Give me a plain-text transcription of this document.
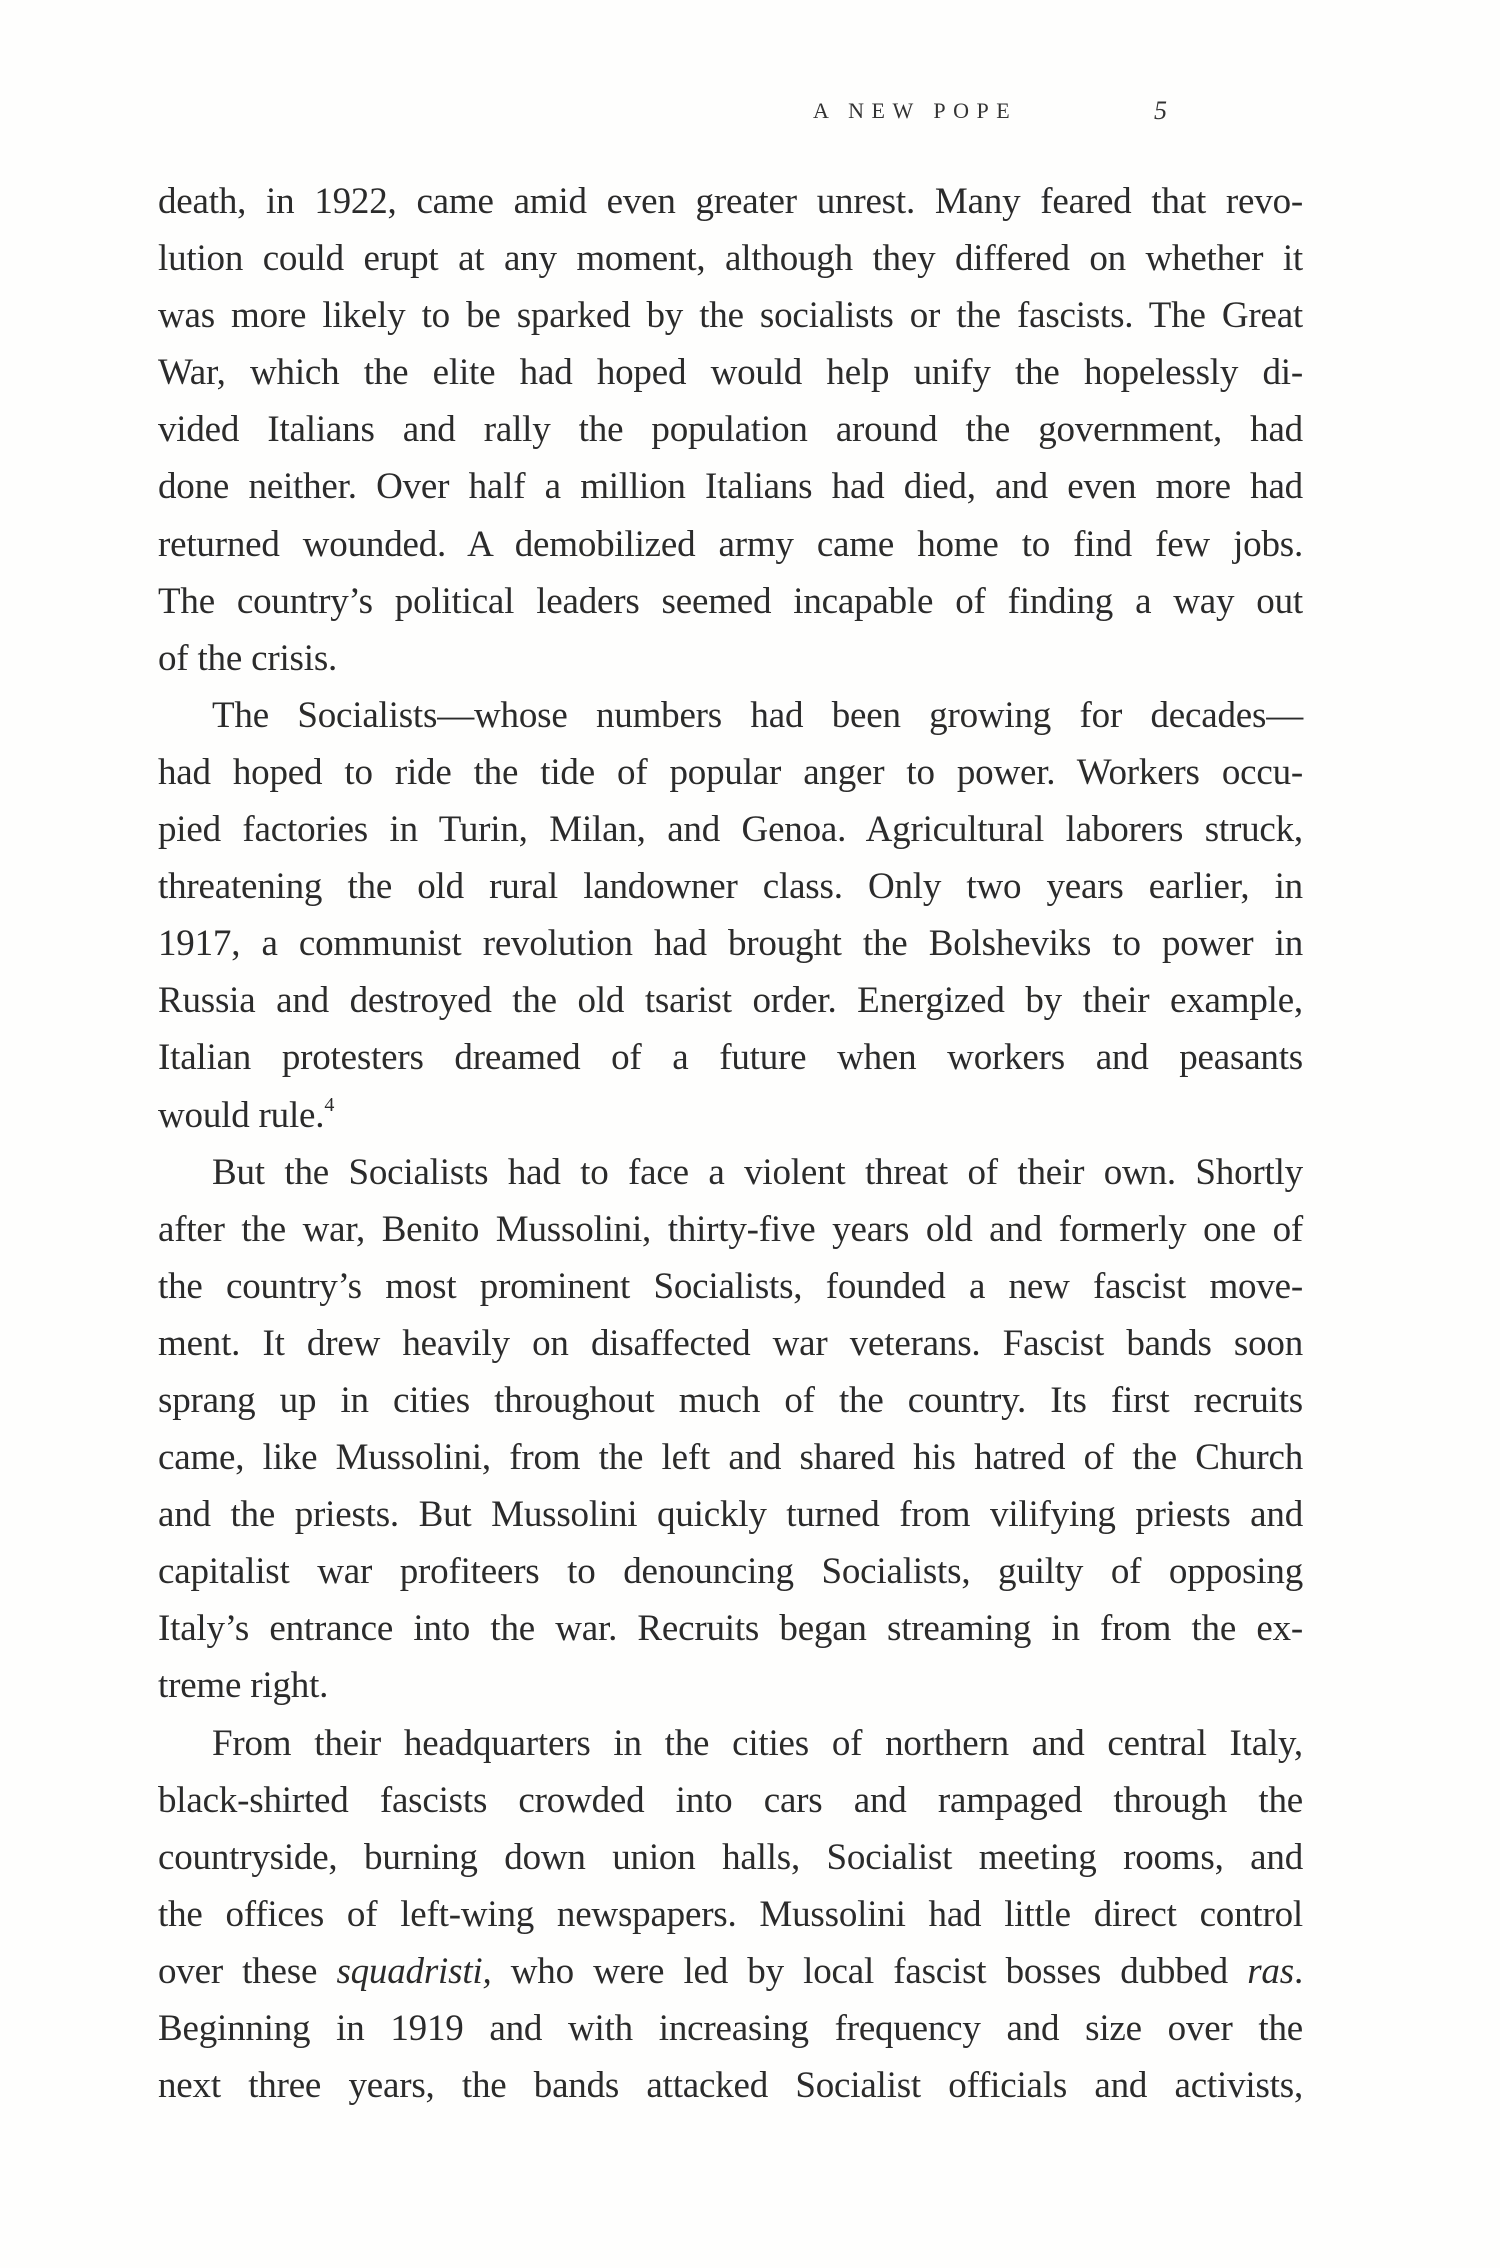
A NEW POPE	5
death, in 1922, came amid even greater unrest. Many feared that revo-
lution could erupt at any moment, although they differed on whether it
was more likely to be sparked by the socialists or the fascists. The Great
War, which the elite had hoped would help unify the hopelessly di-
vided Italians and rally the population around the government, had
done neither. Over half a million Italians had died, and even more had
returned wounded. A demobilized army came home to find few jobs.
The country’s political leaders seemed incapable of finding a way out
of the crisis.
The Socialists—whose numbers had been growing for decades—
had hoped to ride the tide of popular anger to power. Workers occu-
pied factories in Turin, Milan, and Genoa. Agricultural laborers struck,
threatening the old rural landowner class. Only two years earlier, in
1917, a communist revolution had brought the Bolsheviks to power in
Russia and destroyed the old tsarist order. Energized by their example,
Italian protesters dreamed of a future when workers and peasants
would rule.$^4$
But the Socialists had to face a violent threat of their own. Shortly
after the war, Benito Mussolini, thirty-five years old and formerly one of
the country’s most prominent Socialists, founded a new fascist move-
ment. It drew heavily on disaffected war veterans. Fascist bands soon
sprang up in cities throughout much of the country. Its first recruits
came, like Mussolini, from the left and shared his hatred of the Church
and the priests. But Mussolini quickly turned from vilifying priests and
capitalist war profiteers to denouncing Socialists, guilty of opposing
Italy’s entrance into the war. Recruits began streaming in from the ex-
treme right.
From their headquarters in the cities of northern and central Italy,
black-shirted fascists crowded into cars and rampaged through the
countryside, burning down union halls, Socialist meeting rooms, and
the offices of left-wing newspapers. Mussolini had little direct control
over these squadristi, who were led by local fascist bosses dubbed ras.
Beginning in 1919 and with increasing frequency and size over the
next three years, the bands attacked Socialist officials and activists,
